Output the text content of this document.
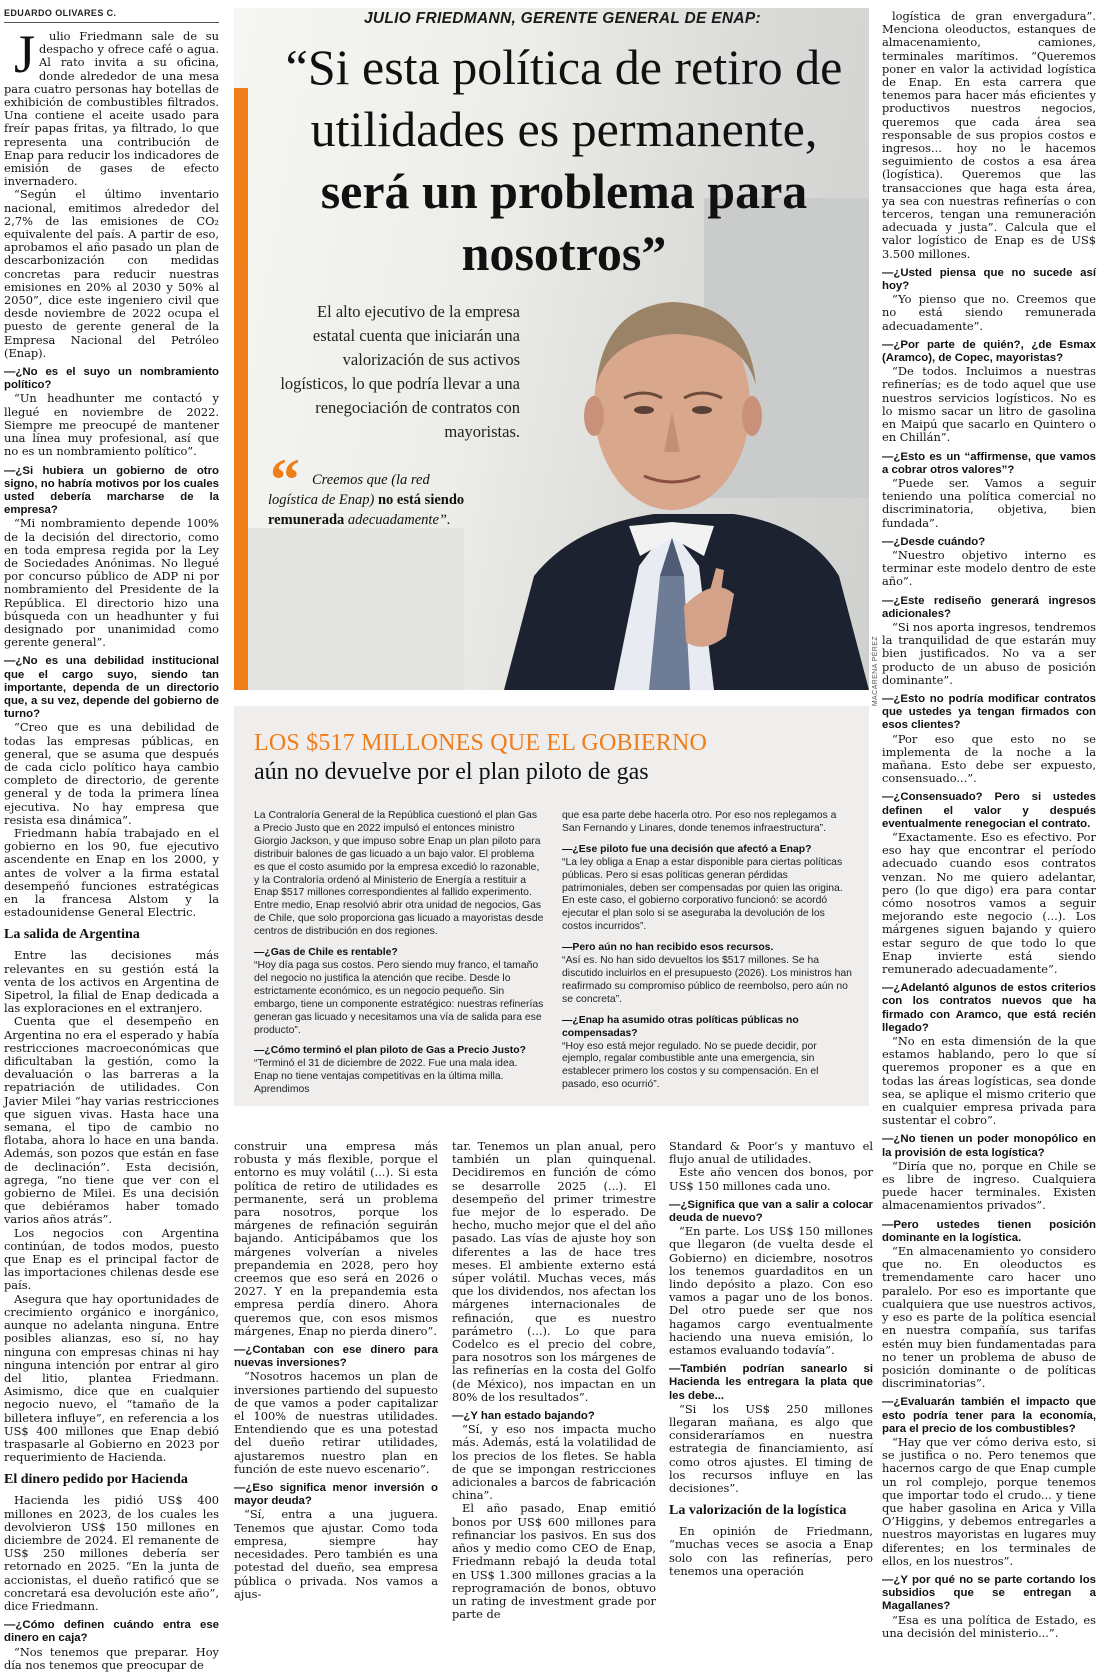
EDUARDO OLIVARES C.

Julio Friedmann sale de su despacho y ofrece café o agua. Al rato invita a su oficina, donde alrededor de una mesa para cuatro personas hay botellas de exhibición de combustibles filtrados. Una contiene el aceite usado para freír papas fritas, ya filtrado, lo que representa una contribución de Enap para reducir los indicadores de emisión de gases de efecto invernadero.

“Según el último inventario nacional, emitimos alrededor del 2,7% de las emisiones de CO₂ equivalente del país. A partir de eso, aprobamos el año pasado un plan de descarbonización con medidas concretas para reducir nuestras emisiones en 20% al 2030 y 50% al 2050”, dice este ingeniero civil que desde noviembre de 2022 ocupa el puesto de gerente general de la Empresa Nacional del Petróleo (Enap).

—¿No es el suyo un nombramiento político?

“Un headhunter me contactó y llegué en noviembre de 2022. Siempre me preocupé de mantener una línea muy profesional, así que no es un nombramiento político”.

—¿Si hubiera un gobierno de otro signo, no habría motivos por los cuales usted debería marcharse de la empresa?

“Mi nombramiento depende 100% de la decisión del directorio, como en toda empresa regida por la Ley de Sociedades Anónimas. No llegué por concurso público de ADP ni por nombramiento del Presidente de la República. El directorio hizo una búsqueda con un headhunter y fui designado por unanimidad como gerente general”.

—¿No es una debilidad institucional que el cargo suyo, siendo tan importante, dependa de un directorio que, a su vez, depende del gobierno de turno?

“Creo que es una debilidad de todas las empresas públicas, en general, que se asuma que después de cada ciclo político haya cambio completo de directorio, de gerente general y de toda la primera línea ejecutiva. No hay empresa que resista esa dinámica”.

Friedmann había trabajado en el gobierno en los 90, fue ejecutivo ascendente en Enap en los 2000, y antes de volver a la firma estatal desempeñó funciones estratégicas en la francesa Alstom y la estadounidense General Electric.

La salida de Argentina

Entre las decisiones más relevantes en su gestión está la venta de los activos en Argentina de Sipetrol, la filial de Enap dedicada a las exploraciones en el extranjero.

Cuenta que el desempeño en Argentina no era el esperado y había restricciones macroeconómicas que dificultaban la gestión, como la devaluación o las barreras a la repatriación de utilidades. Con Javier Milei “hay varias restricciones que siguen vivas. Hasta hace una semana, el tipo de cambio no flotaba, ahora lo hace en una banda. Además, son pozos que están en fase de declinación”. Esta decisión, agrega, “no tiene que ver con el gobierno de Milei. Es una decisión que debiéramos haber tomado varios años atrás”.

Los negocios con Argentina continúan, de todos modos, puesto que Enap es el principal factor de las importaciones chilenas desde ese país.

Asegura que hay oportunidades de crecimiento orgánico e inorgánico, aunque no adelanta ninguna. Entre posibles alianzas, eso sí, no hay ninguna con empresas chinas ni hay ninguna intención por entrar al giro del litio, plantea Friedmann. Asimismo, dice que en cualquier negocio nuevo, el “tamaño de la billetera influye”, en referencia a los US$ 400 millones que Enap debió traspasarle al Gobierno en 2023 por requerimiento de Hacienda.

El dinero pedido por Hacienda

Hacienda les pidió US$ 400 millones en 2023, de los cuales les devolvieron US$ 150 millones en diciembre de 2024. El remanente de US$ 250 millones debería ser retornado en 2025. “En la junta de accionistas, el dueño ratificó que se concretará esa devolución este año”, dice Friedmann.

—¿Cómo definen cuándo entra ese dinero en caja?

“Nos tenemos que preparar. Hoy día nos tenemos que preocupar de

JULIO FRIEDMANN, GERENTE GENERAL DE ENAP:
“Si esta política de retiro de utilidades es permanente, será un problema para nosotros”
El alto ejecutivo de la empresa estatal cuenta que iniciarán una valorización de sus activos logísticos, lo que podría llevar a una renegociación de contratos con mayoristas.
“ Creemos que (la red logística de Enap) no está siendo remunerada adecuadamente”.
MACARENA PÉREZ

logística de gran envergadura”. Menciona oleoductos, estanques de almacenamiento, camiones, terminales marítimos. “Queremos poner en valor la actividad logística de Enap. En esta carrera que tenemos para hacer más eficientes y productivos nuestros negocios, queremos que cada área sea responsable de sus propios costos e ingresos... hoy no le hacemos seguimiento de costos a esa área (logística). Queremos que las transacciones que haga esta área, ya sea con nuestras refinerías o con terceros, tengan una remuneración adecuada y justa”. Calcula que el valor logístico de Enap es de US$ 3.500 millones.

—¿Usted piensa que no sucede así hoy?

“Yo pienso que no. Creemos que no está siendo remunerada adecuadamente”.

—¿Por parte de quién?, ¿de Esmax (Aramco), de Copec, mayoristas?

“De todos. Incluimos a nuestras refinerías; es de todo aquel que use nuestros servicios logísticos. No es lo mismo sacar un litro de gasolina en Maipú que sacarlo en Quintero o en Chillán”.

—¿Esto es un “affirmense, que vamos a cobrar otros valores”?

“Puede ser. Vamos a seguir teniendo una política comercial no discriminatoria, objetiva, bien fundada”.

—¿Desde cuándo?

“Nuestro objetivo interno es terminar este modelo dentro de este año”.

—¿Este rediseño generará ingresos adicionales?

“Si nos aporta ingresos, tendremos la tranquilidad de que estarán muy bien justificados. No va a ser producto de un abuso de posición dominante”.

—¿Esto no podría modificar contratos que ustedes ya tengan firmados con esos clientes?

“Por eso que esto no se implementa de la noche a la mañana. Esto debe ser expuesto, consensuado...”.

—¿Consensuado? Pero si ustedes definen el valor y después eventualmente renegocian el contrato.

“Exactamente. Eso es efectivo. Por eso hay que encontrar el período adecuado cuando esos contratos venzan. No me quiero adelantar, pero (lo que digo) era para contar cómo nosotros vamos a seguir mejorando este negocio (...). Los márgenes siguen bajando y quiero estar seguro de que todo lo que Enap invierte está siendo remunerado adecuadamente”.

—¿Adelantó algunos de estos criterios con los contratos nuevos que ha firmado con Aramco, que está recién llegado?

“No en esta dimensión de la que estamos hablando, pero lo que sí queremos proponer es a que en todas las áreas logísticas, sea donde sea, se aplique el mismo criterio que en cualquier empresa privada para sustentar el cobro”.

—¿No tienen un poder monopólico en la provisión de esta logística?

“Diría que no, porque en Chile se es libre de ingreso. Cualquiera puede hacer terminales. Existen almacenamientos privados”.

—Pero ustedes tienen posición dominante en la logística.

“En almacenamiento yo considero que no. En oleoductos es tremendamente caro hacer uno paralelo. Por eso es importante que cualquiera que use nuestros activos, y eso es parte de la política esencial en nuestra compañía, sus tarifas estén muy bien fundamentadas para no tener un problema de abuso de posición dominante o de políticas discriminatorias”.

—¿Evaluarán también el impacto que esto podría tener para la economía, para el precio de los combustibles?

“Hay que ver cómo deriva esto, si se justifica o no. Pero tenemos que hacernos cargo de que Enap cumple un rol complejo, porque tenemos que importar todo el crudo... y tiene que haber gasolina en Arica y Villa O’Higgins, y debemos entregarles a nuestros mayoristas en lugares muy diferentes; en los terminales de ellos, en los nuestros”.

—¿Y por qué no se parte cortando los subsidios que se entregan a Magallanes?

“Esa es una política de Estado, es una decisión del ministerio...”.

LOS $517 MILLONES QUE EL GOBIERNO
aún no devuelve por el plan piloto de gas

La Contraloría General de la República cuestionó el plan Gas a Precio Justo que en 2022 impulsó el entonces ministro Giorgio Jackson, y que impuso sobre Enap un plan piloto para distribuir balones de gas licuado a un bajo valor. El problema es que el costo asumido por la empresa excedió lo razonable, y la Contraloría ordenó al Ministerio de Energía a restituir a Enap $517 millones correspondientes al fallido experimento. Entre medio, Enap resolvió abrir otra unidad de negocios, Gas de Chile, que solo proporciona gas licuado a mayoristas desde centros de distribución en dos regiones.

—¿Gas de Chile es rentable?

“Hoy día paga sus costos. Pero siendo muy franco, el tamaño del negocio no justifica la atención que recibe. Desde lo estrictamente económico, es un negocio pequeño. Sin embargo, tiene un componente estratégico: nuestras refinerías generan gas licuado y necesitamos una vía de salida para ese producto”.

—¿Cómo terminó el plan piloto de Gas a Precio Justo?

“Terminó el 31 de diciembre de 2022. Fue una mala idea. Enap no tiene ventajas competitivas en la última milla. Aprendimos

que esa parte debe hacerla otro. Por eso nos replegamos a San Fernando y Linares, donde tenemos infraestructura”.

—¿Ese piloto fue una decisión que afectó a Enap?

“La ley obliga a Enap a estar disponible para ciertas políticas públicas. Pero si esas políticas generan pérdidas patrimoniales, deben ser compensadas por quien las origina. En este caso, el gobierno corporativo funcionó: se acordó ejecutar el plan solo si se aseguraba la devolución de los costos incurridos”.

—Pero aún no han recibido esos recursos.

“Así es. No han sido devueltos los $517 millones. Se ha discutido incluirlos en el presupuesto (2026). Los ministros han reafirmado su compromiso público de reembolso, pero aún no se concreta”.

—¿Enap ha asumido otras políticas públicas no compensadas?

“Hoy eso está mejor regulado. No se puede decidir, por ejemplo, regalar combustible ante una emergencia, sin establecer primero los costos y su compensación. En el pasado, eso ocurrió”.

construir una empresa más robusta y más flexible, porque el entorno es muy volátil (...). Si esta política de retiro de utilidades es permanente, será un problema para nosotros, porque los márgenes de refinación seguirán bajando. Anticipábamos que los márgenes volverían a niveles prepandemia en 2028, pero hoy creemos que eso será en 2026 o 2027. Y en la prepandemia esta empresa perdía dinero. Ahora queremos que, con esos mismos márgenes, Enap no pierda dinero”.

—¿Contaban con ese dinero para nuevas inversiones?

“Nosotros hacemos un plan de inversiones partiendo del supuesto de que vamos a poder capitalizar el 100% de nuestras utilidades. Entendiendo que es una potestad del dueño retirar utilidades, ajustaremos nuestro plan en función de este nuevo escenario”.

—¿Eso significa menor inversión o mayor deuda?

“Sí, entra a una juguera. Tenemos que ajustar. Como toda empresa, siempre hay necesidades. Pero también es una potestad del dueño, sea empresa pública o privada. Nos vamos a ajus-

tar. Tenemos un plan anual, pero también un plan quinquenal. Decidiremos en función de cómo se desarrolle 2025 (...). El desempeño del primer trimestre fue mejor de lo esperado. De hecho, mucho mejor que el del año pasado. Las vías de ajuste hoy son diferentes a las de hace tres meses. El ambiente externo está súper volátil. Muchas veces, más que los dividendos, nos afectan los márgenes internacionales de refinación, que es nuestro parámetro (...). Lo que para Codelco es el precio del cobre, para nosotros son los márgenes de las refinerías en la costa del Golfo (de México), nos impactan en un 80% de los resultados”.

—¿Y han estado bajando?

“Sí, y eso nos impacta mucho más. Además, está la volatilidad de los precios de los fletes. Se habla de que se impongan restricciones adicionales a barcos de fabricación china”.

El año pasado, Enap emitió bonos por US$ 600 millones para refinanciar los pasivos. En sus dos años y medio como CEO de Enap, Friedmann rebajó la deuda total en US$ 1.300 millones gracias a la reprogramación de bonos, obtuvo un rating de investment grade por parte de

Standard & Poor’s y mantuvo el flujo anual de utilidades.

Este año vencen dos bonos, por US$ 150 millones cada uno.

—¿Significa que van a salir a colocar deuda de nuevo?

“En parte. Los US$ 150 millones que llegaron (de vuelta desde el Gobierno) en diciembre, nosotros los tenemos guardaditos en un lindo depósito a plazo. Con eso vamos a pagar uno de los bonos. Del otro puede ser que nos hagamos cargo eventualmente haciendo una nueva emisión, lo estamos evaluando todavía”.

—También podrían sanearlo si Hacienda les entregara la plata que les debe...

“Si los US$ 250 millones llegaran mañana, es algo que consideraríamos en nuestra estrategia de financiamiento, así como otros ajustes. El timing de los recursos influye en las decisiones”.

La valorización de la logística

En opinión de Friedmann, “muchas veces se asocia a Enap solo con las refinerías, pero tenemos una operación
